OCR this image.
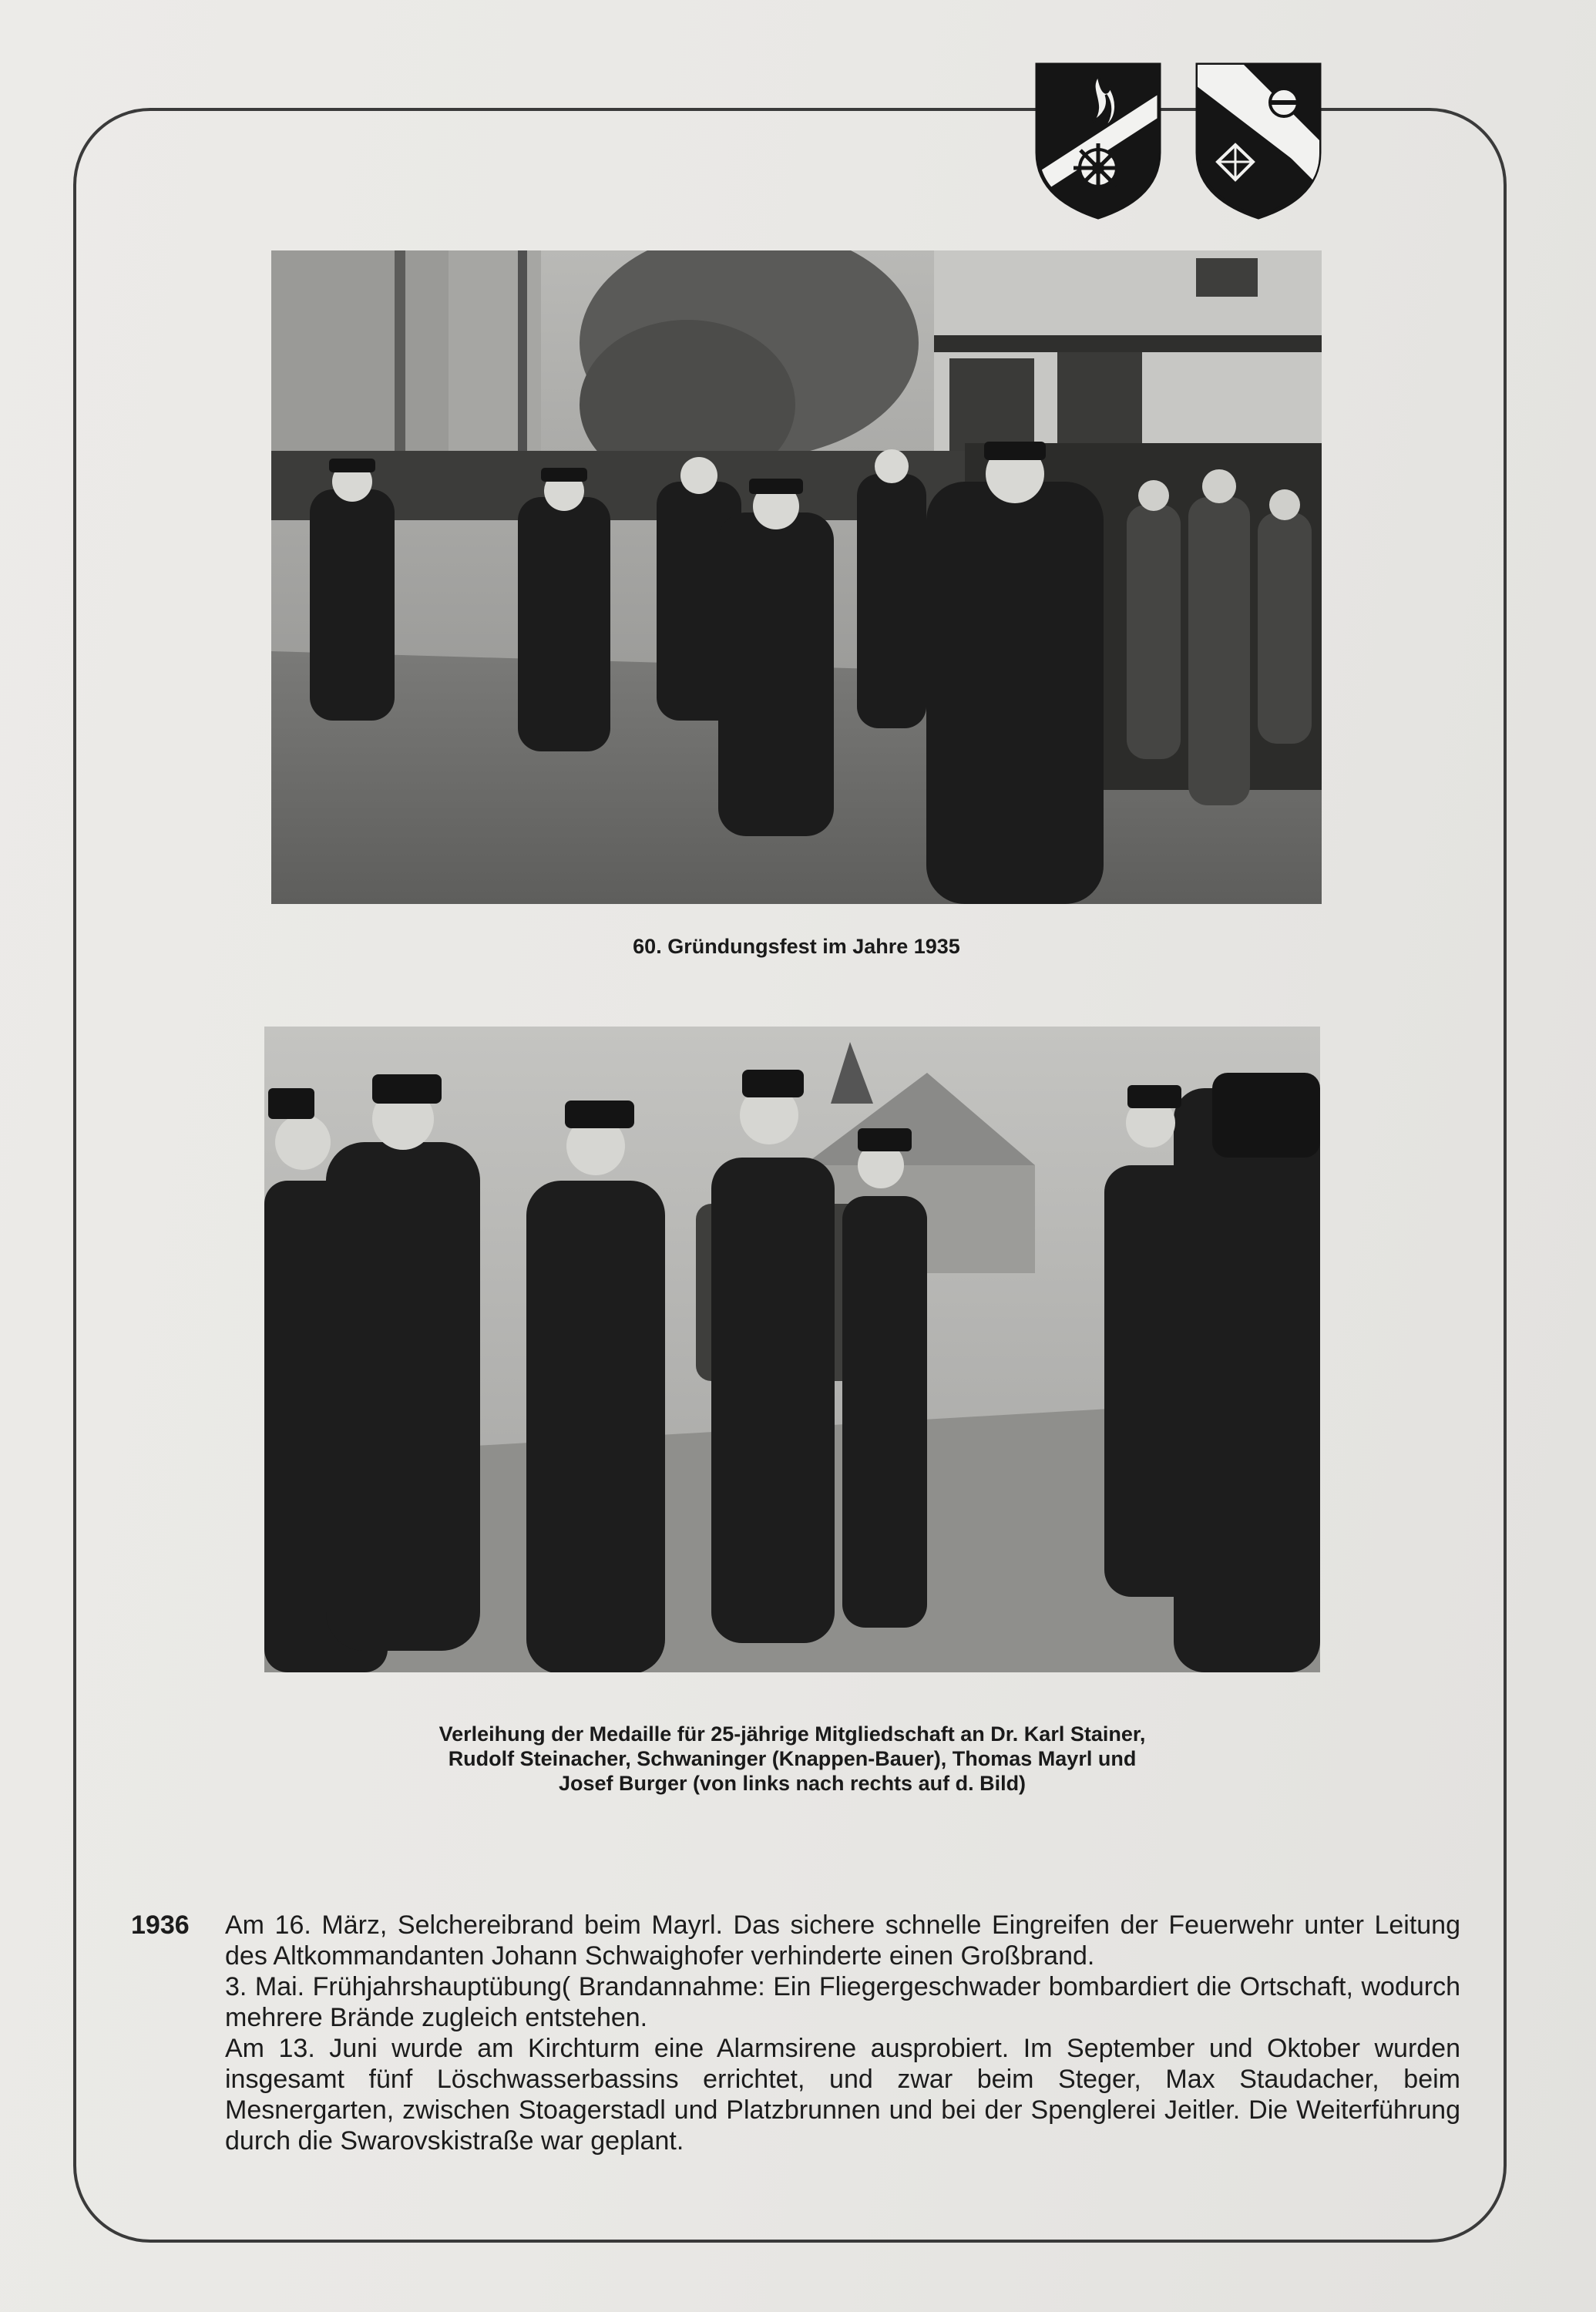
60. Gründungsfest im Jahre 1935
Verleihung der Medaille für 25-jährige Mitgliedschaft an Dr. Karl Stainer,
Rudolf Steinacher, Schwaninger (Knappen-Bauer), Thomas Mayrl und
Josef Burger (von links nach rechts auf d. Bild)
1936	Am 16. März, Selchereibrand beim Mayrl. Das sichere schnelle Eingreifen der Feuerwehr unter Leitung des Altkommandanten Johann Schwaighofer verhinderte einen Großbrand.

3. Mai. Frühjahrshauptübung( Brandannahme: Ein Fliegergeschwader bombardiert die Ortschaft, wodurch mehrere Brände zugleich entstehen.

Am 13. Juni wurde am Kirchturm eine Alarmsirene ausprobiert. Im September und Oktober wurden insgesamt fünf Löschwasserbassins errichtet, und zwar beim Steger, Max Staudacher, beim Mesnergarten, zwischen Stoagerstadl und Platzbrunnen und bei der Spenglerei Jeitler. Die Weiterführung durch die Swarovskistraße war geplant.
